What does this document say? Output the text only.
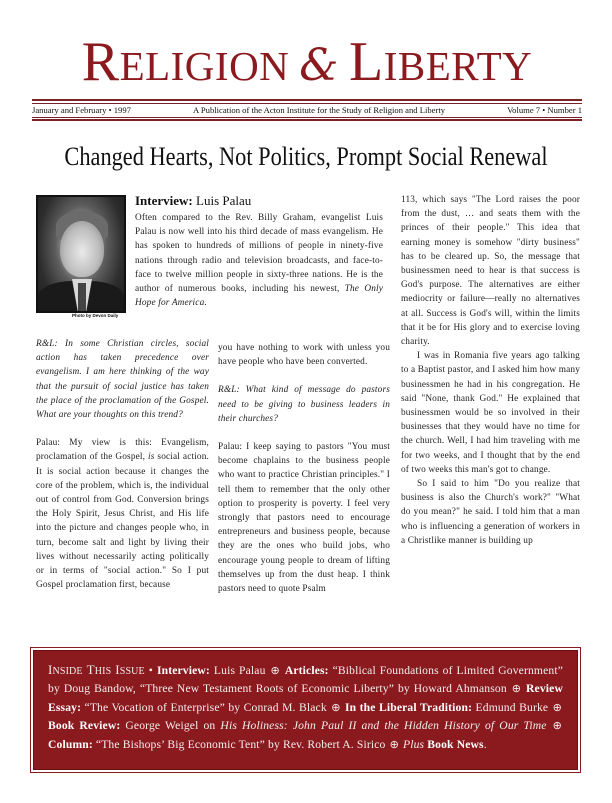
RELIGION & LIBERTY
January and February • 1997	A Publication of the Acton Institute for the Study of Religion and Liberty	Volume 7 • Number 1
Changed Hearts, Not Politics, Prompt Social Renewal
Photo by Devon Daily
Interview: Luis Palau
Often compared to the Rev. Billy Graham, evangelist Luis Palau is now well into his third decade of mass evangelism. He has spoken to hundreds of millions of people in ninety-five nations through radio and television broadcasts, and face-to-face to twelve million people in sixty-three nations. He is the author of numerous books, including his newest, The Only Hope for America.

R&L: In some Christian circles, social action has taken precedence over evangelism. I am here thinking of the way that the pursuit of social justice has taken the place of the proclamation of the Gospel. What are your thoughts on this trend?

Palau: My view is this: Evangelism, proclamation of the Gospel, is social action. It is social action because it changes the core of the problem, which is, the individual out of control from God. Conversion brings the Holy Spirit, Jesus Christ, and His life into the picture and changes people who, in turn, become salt and light by living their lives without necessarily acting politically or in terms of "social action." So I put Gospel proclamation first, because

you have nothing to work with unless you have people who have been converted.

R&L: What kind of message do pastors need to be giving to business leaders in their churches?

Palau: I keep saying to pastors "You must become chaplains to the business people who want to practice Christian principles." I tell them to remember that the only other option to prosperity is poverty. I feel very strongly that pastors need to encourage entrepreneurs and business people, because they are the ones who build jobs, who encourage young people to dream of lifting themselves up from the dust heap. I think pastors need to quote Psalm

113, which says "The Lord raises the poor from the dust, … and seats them with the princes of their people." This idea that earning money is somehow "dirty business" has to be cleared up. So, the message that businessmen need to hear is that success is God's purpose. The alternatives are either mediocrity or failure—really no alternatives at all. Success is God's will, within the limits that it be for His glory and to exercise loving charity.

I was in Romania five years ago talking to a Baptist pastor, and I asked him how many businessmen he had in his congregation. He said "None, thank God." He explained that businessmen would be so involved in their businesses that they would have no time for the church. Well, I had him traveling with me for two weeks, and I thought that by the end of two weeks this man's got to change.

So I said to him "Do you realize that business is also the Church's work?" "What do you mean?" he said. I told him that a man who is influencing a generation of workers in a Christlike manner is building up

INSIDE THIS ISSUE • Interview: Luis Palau ⊕ Articles: “Biblical Foundations of Limited Government” by Doug Bandow, “Three New Testament Roots of Economic Liberty” by Howard Ahmanson ⊕ Review Essay: “The Vocation of Enterprise” by Conrad M. Black ⊕ In the Liberal Tradition: Edmund Burke ⊕ Book Review: George Weigel on His Holiness: John Paul II and the Hidden History of Our Time ⊕ Column: “The Bishops’ Big Economic Tent” by Rev. Robert A. Sirico ⊕ Plus Book News.
